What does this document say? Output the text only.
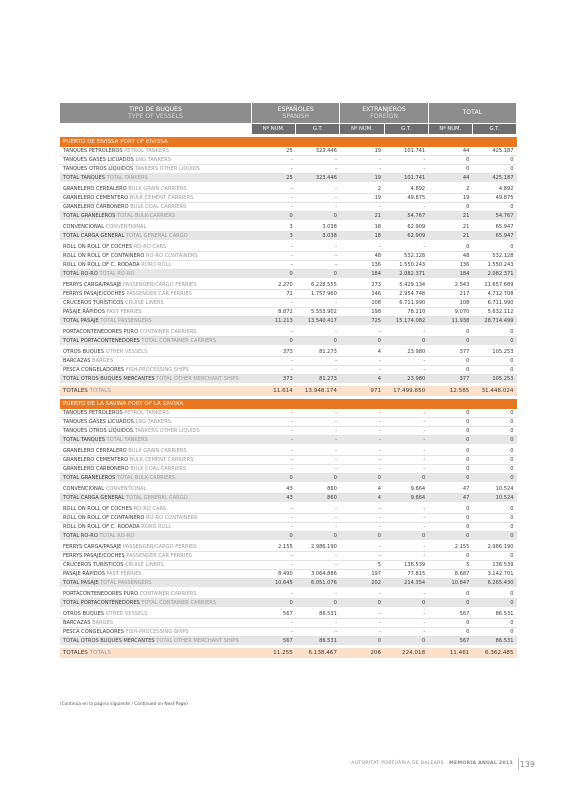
TIPO DE BUQUES
TYPE OF VESSELS	ESPAÑOLES
SPANISH		EXTRANJEROS
FOREIGN		TOTAL	
	Nº NUM.	G.T.	Nº NUM.	G.T.	Nº NUM.	G.T.

PUERTO DE EIVISSA PORT OF EIVISSA						
TANQUES PETROLEROS PETROL TANKERS	25	323.446	19	101.741	44	425.187
TANQUES GASES LICUADOS LNG TANKERS	-	-	-	-	0	0
TANQUES OTROS LÍQUIDOS TANKERS OTHER LIQUIDS	-	-	-	-	0	0
TOTAL TANQUES TOTAL TANKERS	25	323.446	19	101.741	44	425.187

GRANELERO CEREALERO BULK GRAIN CARRIERS	-	-	2	4.892	2	4.892
GRANELERO CEMENTERO BULK CEMENT CARRIERS	-	-	19	49.875	19	49.875
GRANELERO CARBONERO BULK COAL CARRIERS	-	-	-	-	0	0
TOTAL GRANELEROS TOTAL BULK-CARRIERS	0	0	21	54.767	21	54.767

CONVENCIONAL CONVENTIONAL	3	3.038	18	62.909	21	65.947
TOTAL CARGA GENERAL TOTAL GENERAL CARGO	3	3.038	18	62.909	21	65.947

ROLL ON ROLL OF COCHES RO-RO CARS	-	-	-	-	0	0
ROLL ON ROLL OF CONTAINERO RO-RO CONTAINERS	-	-	48	532.128	48	532.128
ROLL ON ROLL OF C. RODADA RORO ROLL	-	-	136	1.550.243	136	1.550.243
TOTAL RO-RO TOTAL RO-RO	0	0	184	2.082.371	184	2.082.371

FERRYS CARGA/PASAJE PASSENGER/CARGO FERRIES	2.270	6.228.555	273	5.429.134	2.543	11.657.689
FERRYS PASAJE/COCHES PASSENGER CAR FERRIES	71	1.757.960	146	2.954.748	217	4.712.708
CRUCEROS TURÍSTICOS CRUISE LINERS	-	-	108	6.711.990	108	6.711.990
PASAJE RÁPIDOS FAST FERRIES	8.872	5.553.902	198	78.210	9.070	5.632.112
TOTAL PASAJE TOTAL PASSENGERS	11.213	13.540.417	725	15.174.082	11.938	28.714.499

PORTACONTENEDORES PURO CONTAINER CARRIERS	-	-	-	-	0	0
TOTAL PORTACONTENEDORES TOTAL CONTAINER CARRIERS	0	0	0	0	0	0

OTROS BUQUES OTHER VESSELS	373	81.273	4	23.980	377	105.253
BARCAZAS BARGES	-	-	-	-	0	0
PESCA CONGELADORES FISH-PROCESSING SHIPS	-	-	-	-	0	0
TOTAL OTROS BUQUES MERCANTES TOTAL OTHER MERCHANT SHIPS	373	81.273	4	23.980	377	105.253

TOTALES TOTALS	11.614	13.948.174	971	17.499.850	12.585	31.448.024

PUERTO DE LA SAVINA PORT OF LA SAVINA						
TANQUES PETROLEROS PETROL TANKERS	-	-	-	-	0	0
TANQUES GASES LICUADOS LNG TANKERS	-	-	-	-	0	0
TANQUES OTROS LÍQUIDOS TANKERS OTHER LIQUIDS	-	-	-	-	0	0
TOTAL TANQUES TOTAL TANKERS	-	-	-	-	0	0

GRANELERO CEREALERO BULK GRAIN CARRIERS	-	-	-	-	0	0
GRANELERO CEMENTERO BULK CEMENT CARRIERS	-	-	-	-	0	0
GRANELERO CARBONERO BULK COAL CARRIERS	-	-	-	-	0	0
TOTAL GRANELEROS TOTAL BULK-CARRIERS	0	0	0	0	0	0

CONVENCIONAL CONVENTIONAL	43	860	4	9.664	47	10.524
TOTAL CARGA GENERAL TOTAL GENERAL CARGO	43	860	4	9.664	47	10.524

ROLL ON ROLL OF COCHES RO-RO CARS	-	-	-	-	0	0
ROLL ON ROLL OF CONTAINERO RO-RO CONTAINERS	-	-	-	-	0	0
ROLL ON ROLL OF C. RODADA RORO ROLL	-	-	-	-	0	0
TOTAL RO-RO TOTAL RO-RO	0	0	0	0	0	0

FERRYS CARGA/PASAJE PASSENGER/CARGO FERRIES	2.155	2.986.190	-	-	2.155	2.986.190
FERRYS PASAJE/COCHES PASSENGER CAR FERRIES	-	-	-	-	0	0
CRUCEROS TURÍSTICOS CRUISE LINERS	-	-	5	136.539	5	136.539
PASAJE RÁPIDOS FAST FERRIES	8.490	3.064.886	197	77.815	8.687	3.142.701
TOTAL PASAJE TOTAL PASSENGERS	10.645	6.051.076	202	214.354	10.847	6.265.430

PORTACONTENEDORES PURO CONTAINER CARRIERS	-	-	-	-	0	0
TOTAL PORTACONTENEDORES TOTAL CONTAINER CARRIERS	0	0	0	0	0	0

OTROS BUQUES OTHER VESSELS	567	86.531	-	-	567	86.531
BARCAZAS BARGES	-	-	-	-	0	0
PESCA CONGELADORES FISH-PROCESSING SHIPS	-	-	-	-	0	0
TOTAL OTROS BUQUES MERCANTES TOTAL OTHER MERCHANT SHIPS	567	86.531	0	0	567	86.531

TOTALES TOTALS	11.255	6.138.467	206	224.018	11.461	6.362.485
(Continúa en la página siguiente / Continued on Next Page)
AUTORITAT PORTUÀRIA DE BALEARS · MEMORIA ANUAL 2013 139
